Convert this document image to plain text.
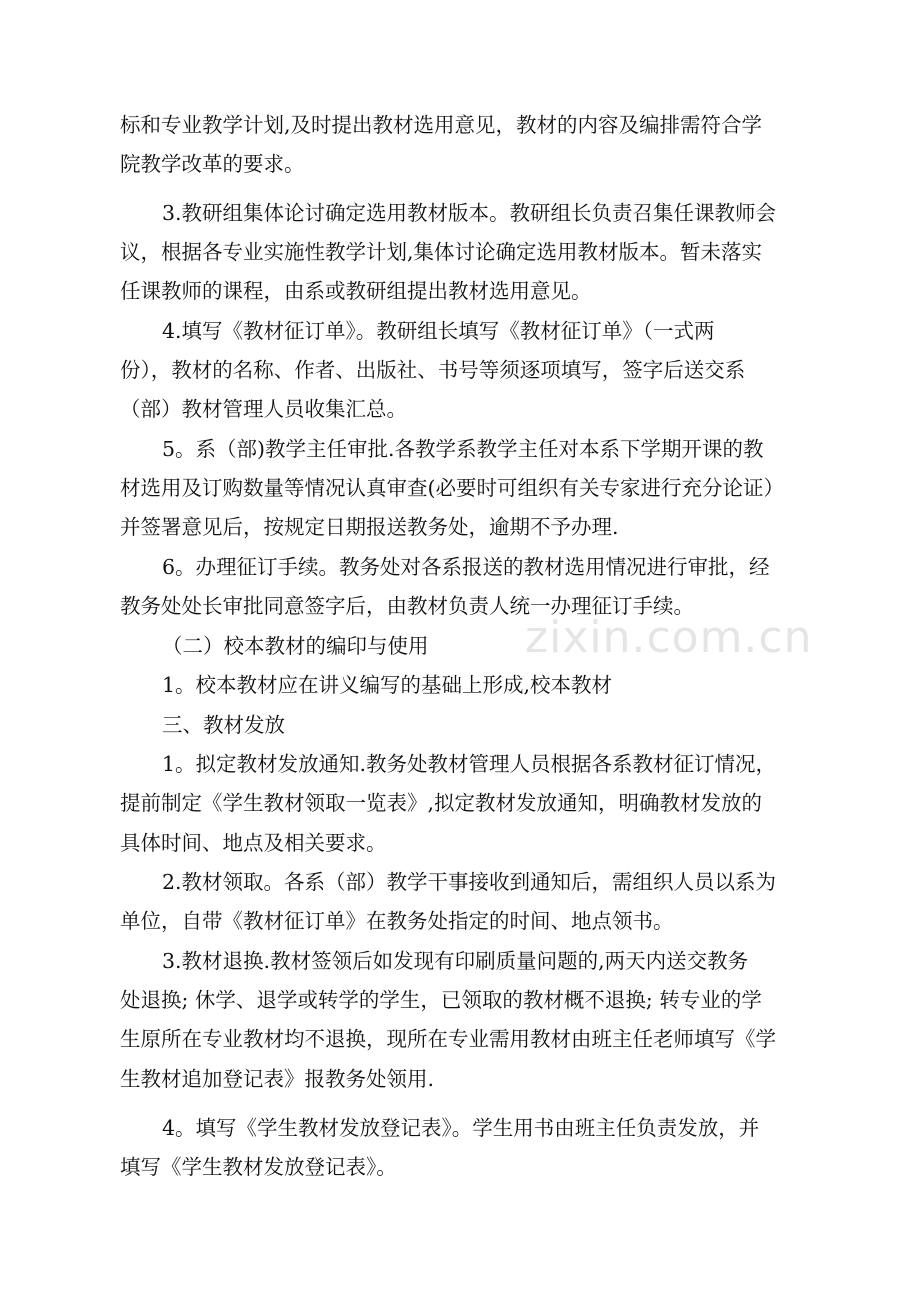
标和专业教学计划,及时提出教材选用意见，教材的内容及编排需符合学
院教学改革的要求。
3.教研组集体论讨确定选用教材版本。教研组长负责召集任课教师会
议，根据各专业实施性教学计划,集体讨论确定选用教材版本。暂未落实
任课教师的课程，由系或教研组提出教材选用意见。
4.填写《教材征订单》。教研组长填写《教材征订单》（一式两
份），教材的名称、作者、出版社、书号等须逐项填写，签字后送交系
（部）教材管理人员收集汇总。
5。系（部)教学主任审批.各教学系教学主任对本系下学期开课的教
材选用及订购数量等情况认真审查(必要时可组织有关专家进行充分论证）
并签署意见后，按规定日期报送教务处，逾期不予办理.
6。办理征订手续。教务处对各系报送的教材选用情况进行审批，经
教务处处长审批同意签字后，由教材负责人统一办理征订手续。
（二）校本教材的编印与使用
1。校本教材应在讲义编写的基础上形成,校本教材
三、教材发放
1。拟定教材发放通知.教务处教材管理人员根据各系教材征订情况，
提前制定《学生教材领取一览表》,拟定教材发放通知，明确教材发放的
具体时间、地点及相关要求。
2.教材领取。各系（部）教学干事接收到通知后，需组织人员以系为
单位，自带《教材征订单》在教务处指定的时间、地点领书。
3.教材退换.教材签领后如发现有印刷质量问题的,两天内送交教务
处退换; 休学、退学或转学的学生，已领取的教材概不退换; 转专业的学
生原所在专业教材均不退换，现所在专业需用教材由班主任老师填写《学
生教材追加登记表》报教务处领用.
4。填写《学生教材发放登记表》。学生用书由班主任负责发放，并
填写《学生教材发放登记表》。
zixin.com.cn
